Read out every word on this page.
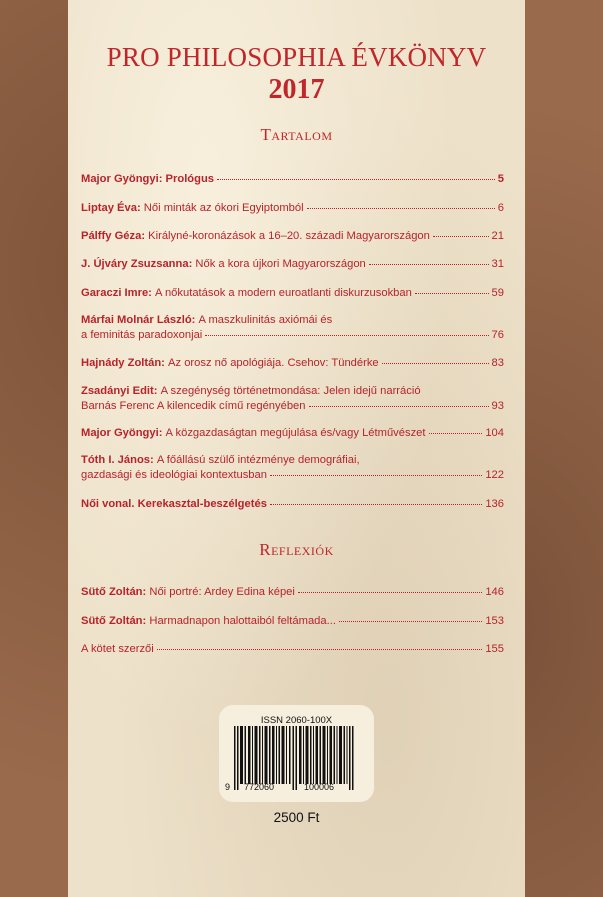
PRO PHILOSOPHIA ÉVKÖNYV
2017
Tartalom
Major Gyöngyi:
Prológus	5
Liptay Éva:
Női minták az ókori Egyiptomból	6
Pálffy Géza:
Királyné-koronázások a 16–20. századi Magyarországon	21
J. Újváry Zsuzsanna:
Nők a kora újkori Magyarországon	31
Garaczi Imre:
A nőkutatások a modern euroatlanti diskurzusokban	59
Márfai Molnár László:
A maszkulinitás axiómái és
a feminitás paradoxonjai	76
Hajnády Zoltán:
Az orosz nő apológiája. Csehov: Tündérke	83
Zsadányi Edit:
A szegénység történetmondása: Jelen idejű narráció
Barnás Ferenc A kilencedik című regényében	93
Major Gyöngyi:
A közgazdaságtan megújulása és/vagy Létművészet	104
Tóth I. János:
A főállású szülő intézménye demográfiai,
gazdasági és ideológiai kontextusban	122
Női vonal. Kerekasztal-beszélgetés	136
Reflexiók
Sütő Zoltán:
Női portré: Ardey Edina képei	146
Sütő Zoltán:
Harmadnapon halottaiból feltámada...	153
A kötet szerzői	155
ISSN 2060-100X
9 772060	100006
2500 Ft
